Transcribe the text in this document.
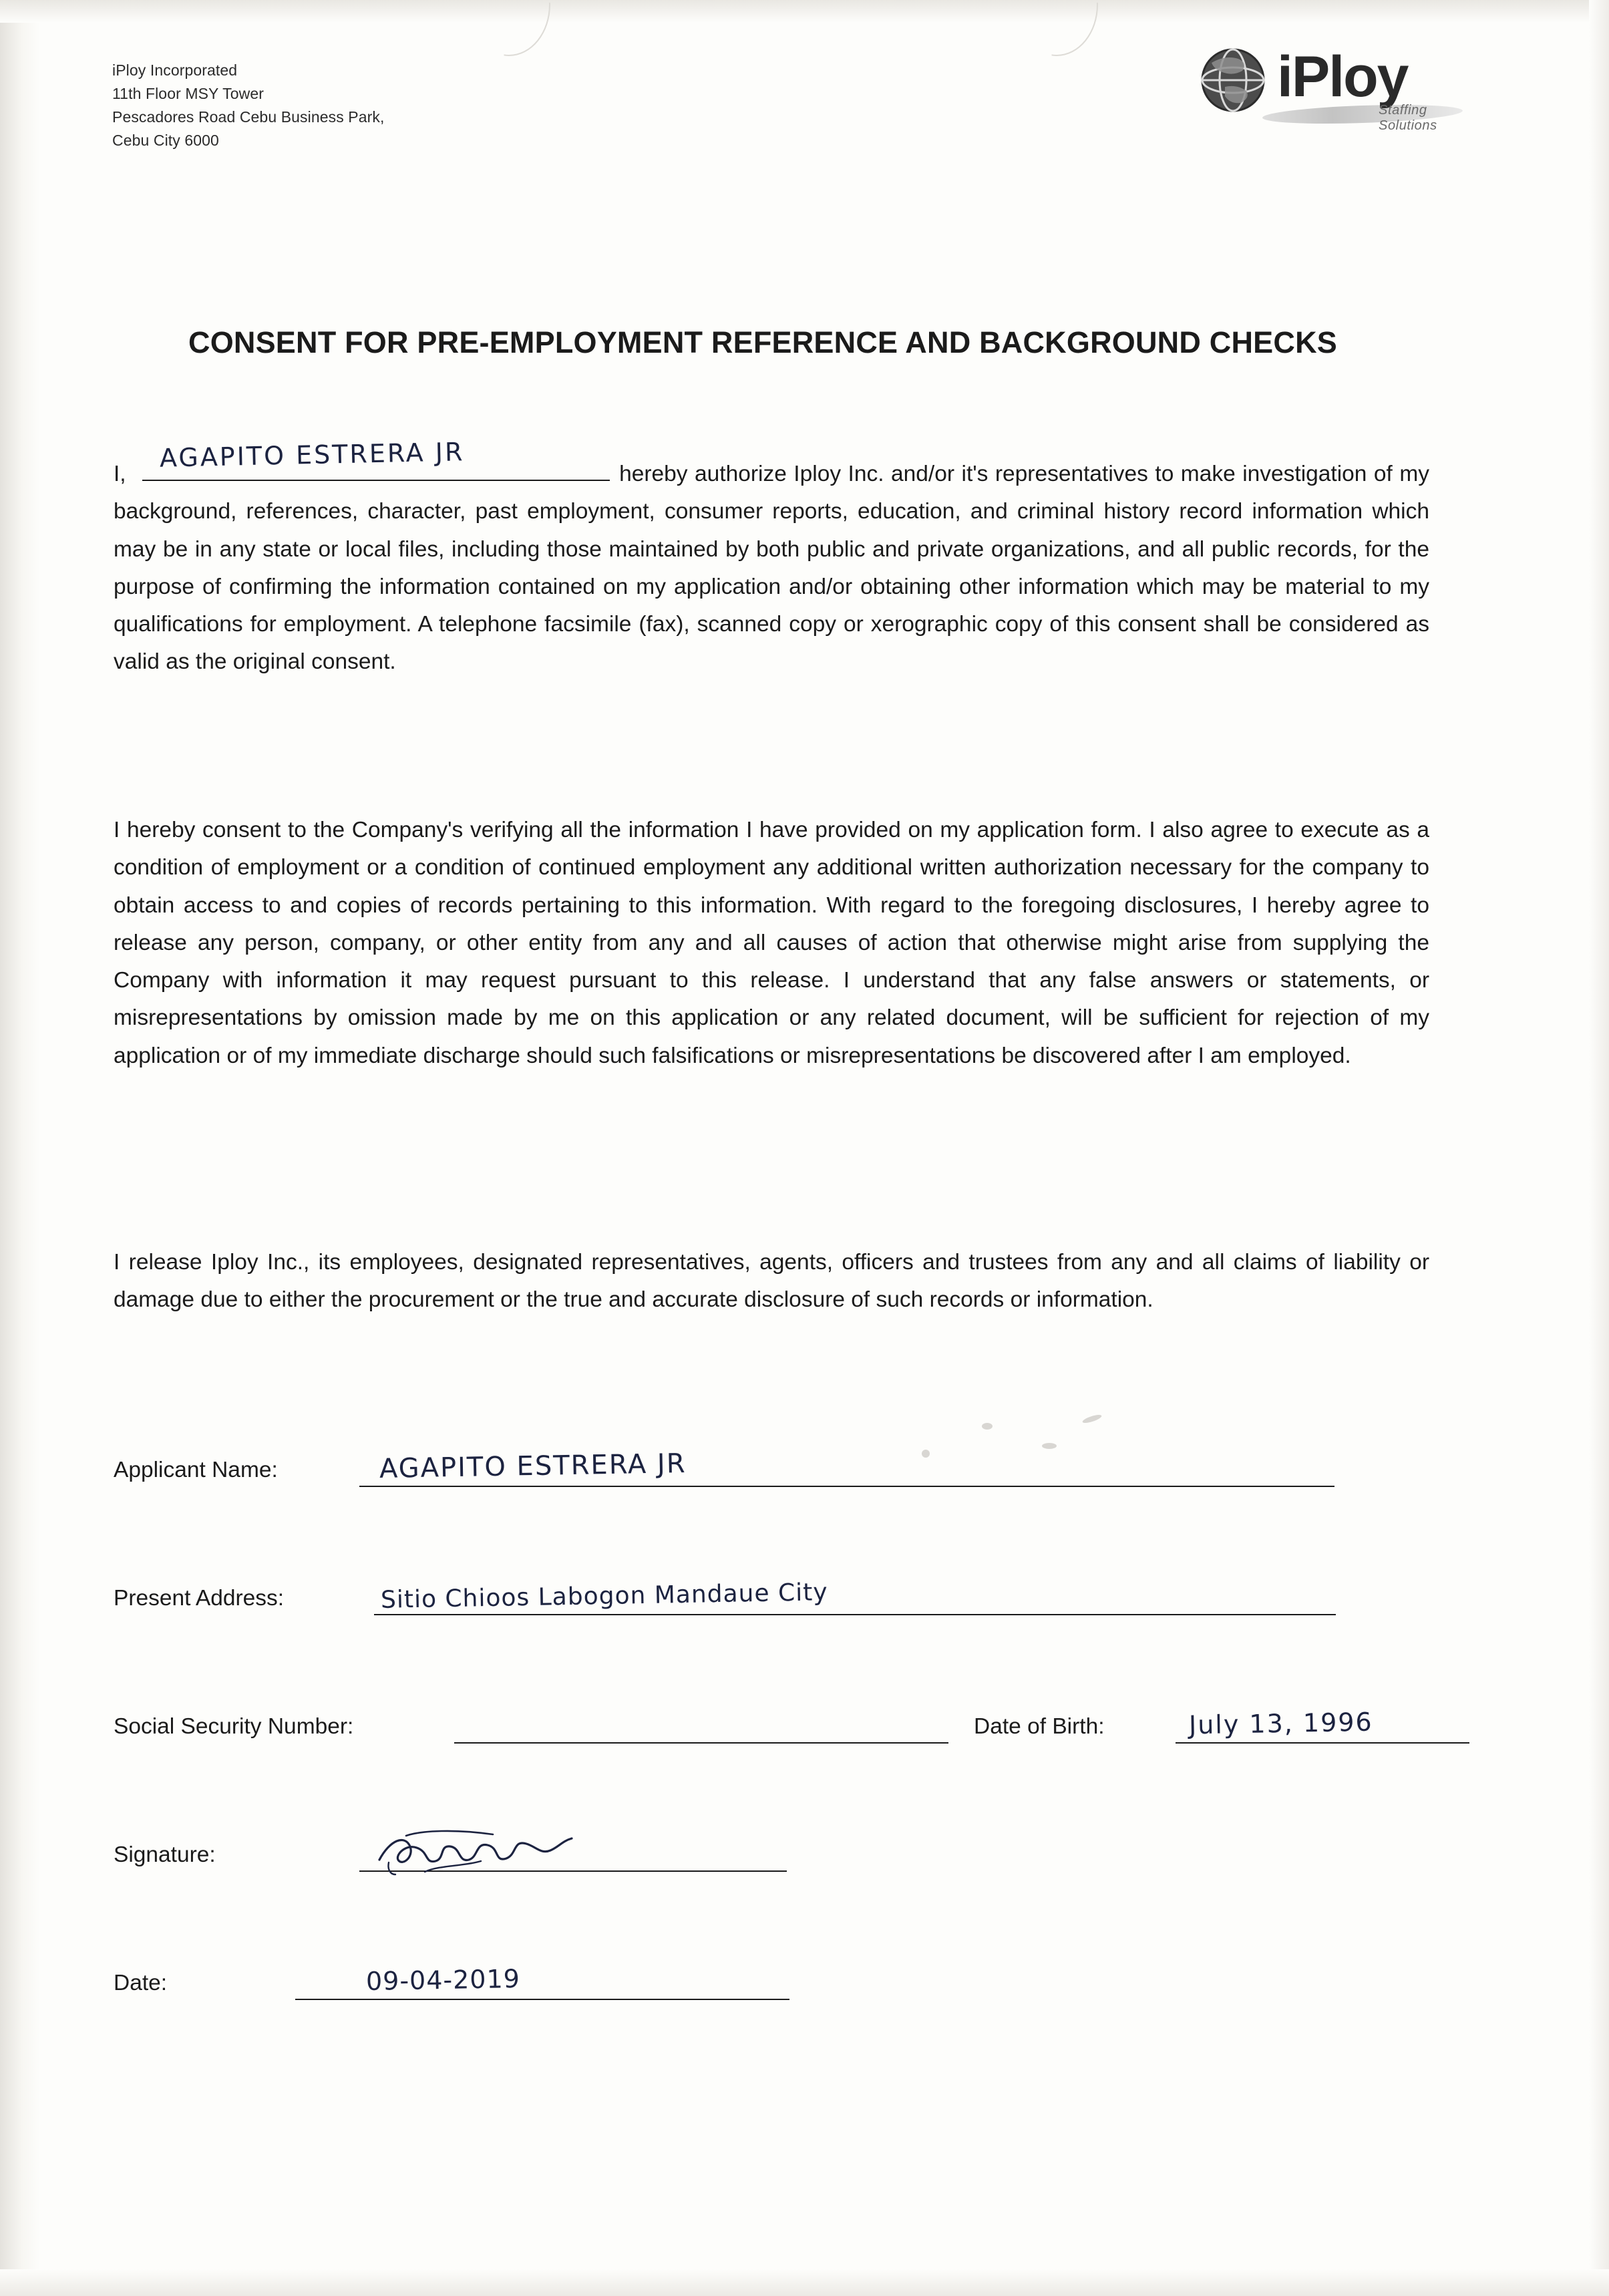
iPloy Incorporated
11th Floor MSY Tower
Pescadores Road Cebu Business Park,
Cebu City 6000
iPloy
Staffing Solutions
CONSENT FOR PRE-EMPLOYMENT REFERENCE AND BACKGROUND CHECKS
I,
AGAPITO ESTRERA JR
hereby authorize Iploy Inc. and/or it's representatives to make investigation of my background, references, character, past employment, consumer reports, education, and criminal history record information which may be in any state or local files, including those maintained by both public and private organizations, and all public records, for the purpose of confirming the information contained on my application and/or obtaining other information which may be material to my qualifications for employment. A telephone facsimile (fax), scanned copy or xerographic copy of this consent shall be considered as valid as the original consent.
I hereby consent to the Company's verifying all the information I have provided on my application form. I also agree to execute as a condition of employment or a condition of continued employment any additional written authorization necessary for the company to obtain access to and copies of records pertaining to this information. With regard to the foregoing disclosures, I hereby agree to release any person, company, or other entity from any and all causes of action that otherwise might arise from supplying the Company with information it may request pursuant to this release. I understand that any false answers or statements, or misrepresentations by omission made by me on this application or any related document, will be sufficient for rejection of my application or of my immediate discharge should such falsifications or misrepresentations be discovered after I am employed.
I release Iploy Inc., its employees, designated representatives, agents, officers and trustees from any and all claims of liability or damage due to either the procurement or the true and accurate disclosure of such records or information.
Applicant Name:	AGAPITO ESTRERA JR
Present Address:	Sitio Chioos Labogon Mandaue City
Social Security Number:	Date of Birth:	July 13, 1996
Signature:
Date:	09-04-2019
